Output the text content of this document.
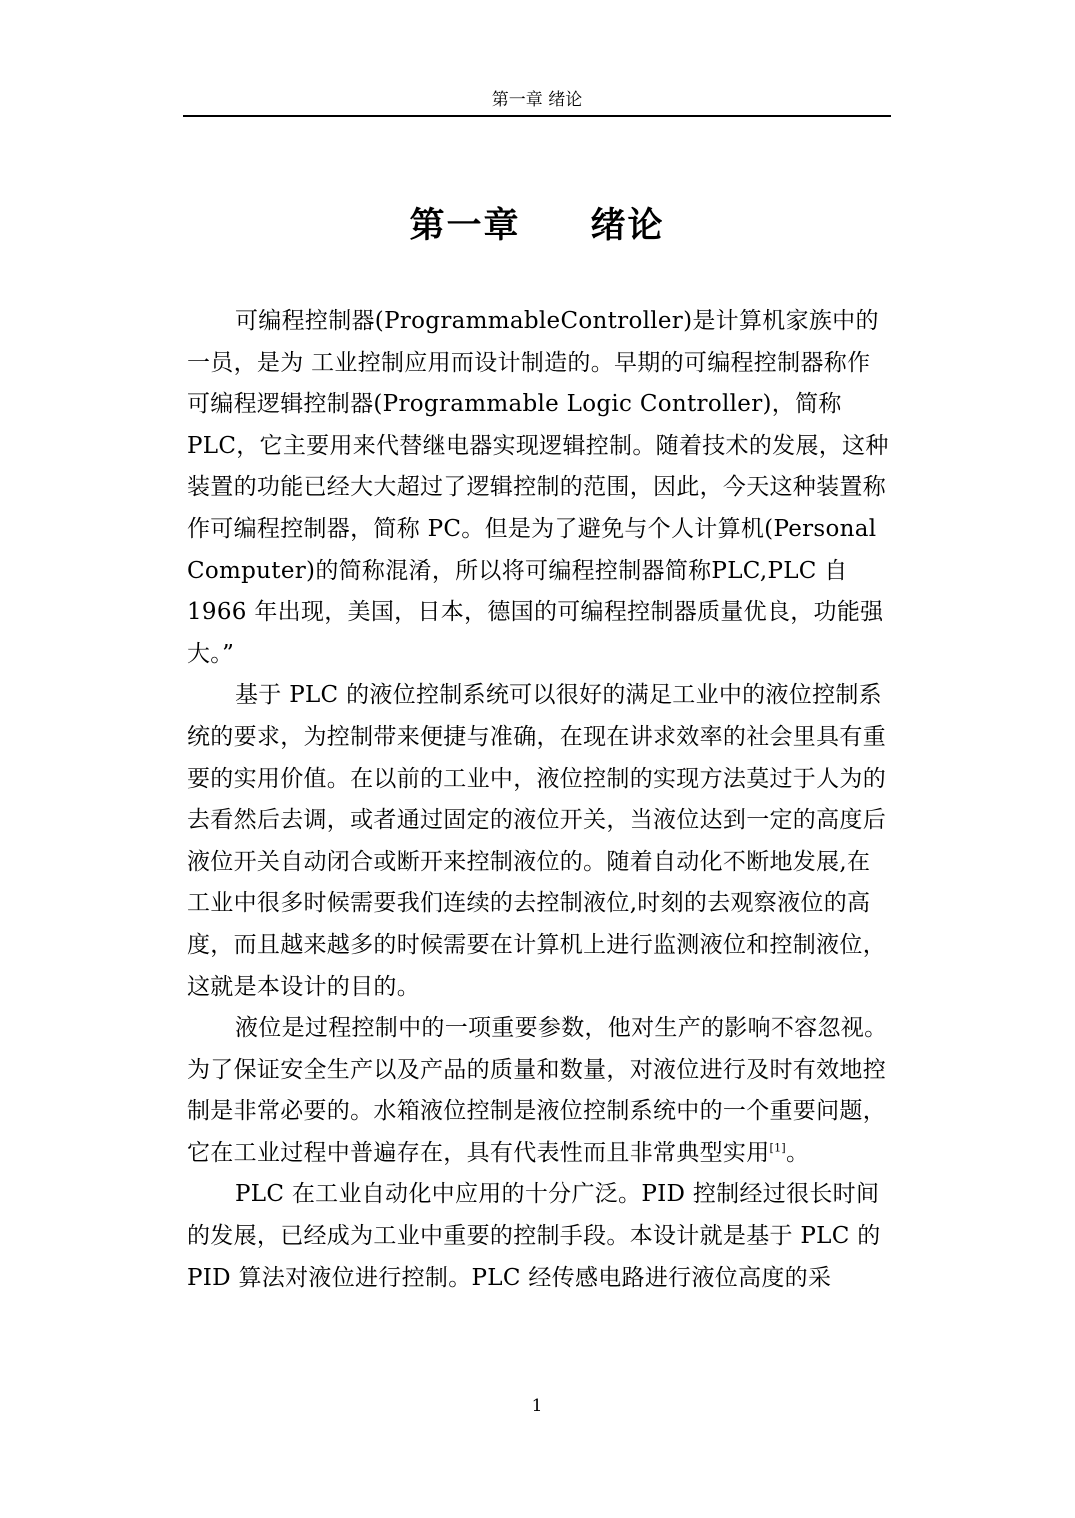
第一章 绪论
第一章 绪论

可编程控制器(ProgrammableController)是计算机家族中的一员，是为 工业控制应用而设计制造的。早期的可编程控制器称作可编程逻辑控制器(Programmable Logic Controller)，简称PLC，它主要用来代替继电器实现逻辑控制。随着技术的发展，这种装置的功能已经大大超过了逻辑控制的范围，因此，今天这种装置称作可编程控制器，简称 PC。但是为了避免与个人计算机(Personal Computer)的简称混淆，所以将可编程控制器简称PLC,PLC 自 1966 年出现，美国，日本，德国的可编程控制器质量优良，功能强大。”

基于 PLC 的液位控制系统可以很好的满足工业中的液位控制系统的要求，为控制带来便捷与准确，在现在讲求效率的社会里具有重要的实用价值。在以前的工业中，液位控制的实现方法莫过于人为的去看然后去调，或者通过固定的液位开关，当液位达到一定的高度后液位开关自动闭合或断开来控制液位的。随着自动化不断地发展,在工业中很多时候需要我们连续的去控制液位,时刻的去观察液位的高度，而且越来越多的时候需要在计算机上进行监测液位和控制液位，这就是本设计的目的。

液位是过程控制中的一项重要参数，他对生产的影响不容忽视。为了保证安全生产以及产品的质量和数量，对液位进行及时有效地控制是非常必要的。水箱液位控制是液位控制系统中的一个重要问题，它在工业过程中普遍存在，具有代表性而且非常典型实用[1]。

PLC 在工业自动化中应用的十分广泛。PID 控制经过很长时间的发展，已经成为工业中重要的控制手段。本设计就是基于 PLC 的 PID 算法对液位进行控制。PLC 经传感电路进行液位高度的采

1
